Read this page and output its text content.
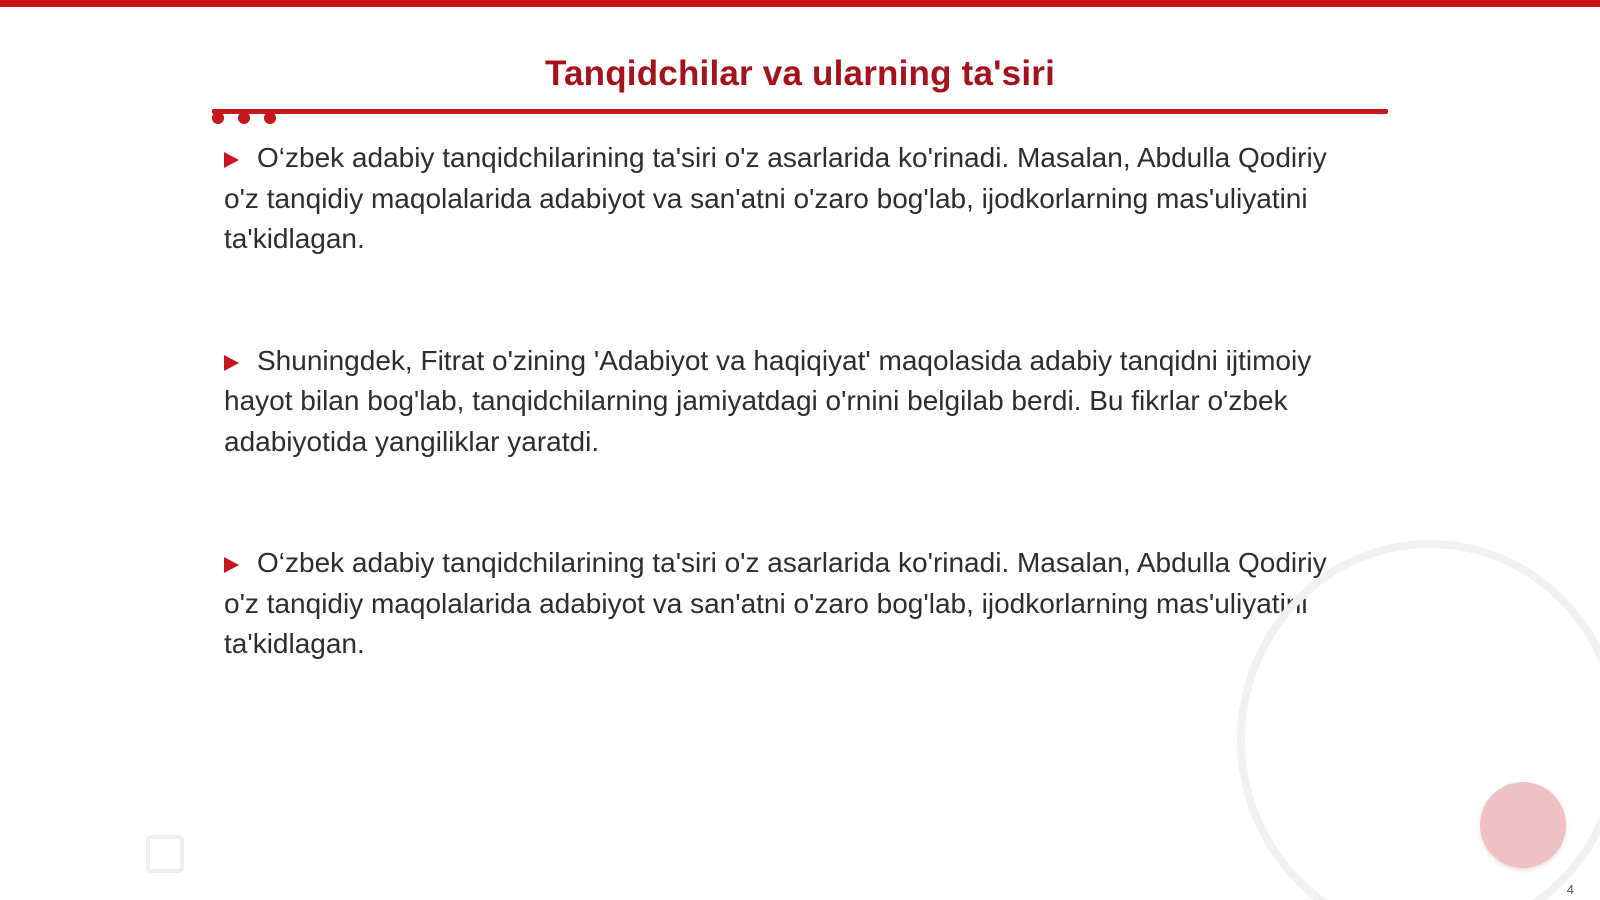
Tanqidchilar va ularning ta'siri

O‘zbek adabiy tanqidchilarining ta'siri o'z asarlarida ko'rinadi. Masalan, Abdulla Qodiriy o'z tanqidiy maqolalarida adabiyot va san'atni o'zaro bog'lab, ijodkorlarning mas'uliyatini ta'kidlagan.

Shuningdek, Fitrat o'zining 'Adabiyot va haqiqiyat' maqolasida adabiy tanqidni ijtimoiy hayot bilan bog'lab, tanqidchilarning jamiyatdagi o'rnini belgilab berdi. Bu fikrlar o'zbek adabiyotida yangiliklar yaratdi.

O‘zbek adabiy tanqidchilarining ta'siri o'z asarlarida ko'rinadi. Masalan, Abdulla Qodiriy o'z tanqidiy maqolalarida adabiyot va san'atni o'zaro bog'lab, ijodkorlarning mas'uliyatini ta'kidlagan.

4
